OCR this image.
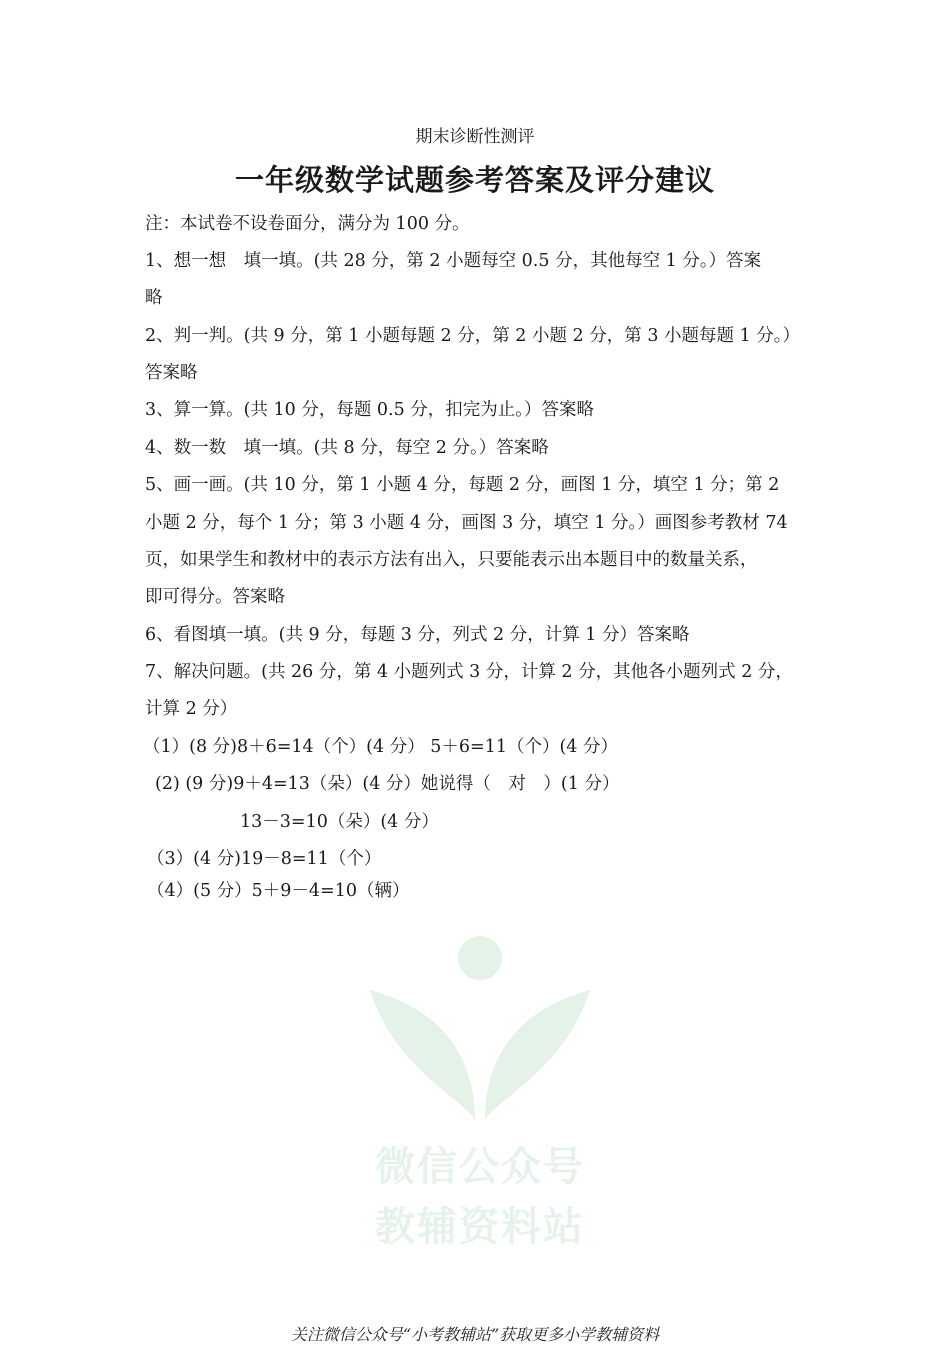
期末诊断性测评
一年级数学试题参考答案及评分建议
注：本试卷不设卷面分，满分为 100 分。
1、想一想　填一填。(共 28 分，第 2 小题每空 0.5 分，其他每空 1 分。）答案
略
2、判一判。(共 9 分，第 1 小题每题 2 分，第 2 小题 2 分，第 3 小题每题 1 分。）
答案略
3、算一算。(共 10 分，每题 0.5 分，扣完为止。）答案略
4、数一数　填一填。(共 8 分，每空 2 分。）答案略
5、画一画。(共 10 分，第 1 小题 4 分，每题 2 分，画图 1 分，填空 1 分；第 2
小题 2 分，每个 1 分；第 3 小题 4 分，画图 3 分，填空 1 分。）画图参考教材 74
页，如果学生和教材中的表示方法有出入，只要能表示出本题目中的数量关系，
即可得分。答案略
6、看图填一填。(共 9 分，每题 3 分，列式 2 分，计算 1 分）答案略
7、解决问题。(共 26 分，第 4 小题列式 3 分，计算 2 分，其他各小题列式 2 分，
计算 2 分）
（1）(8 分)8＋6=14（个）(4 分） 5＋6=11（个）(4 分）
(2) (9 分)9＋4=13（朵）(4 分）她说得（　对　）(1 分）
13－3=10（朵）(4 分）
（3）(4 分)19－8=11（个）
（4）(5 分）5＋9－4=10（辆）
微信公众号
教辅资料站
关注微信公众号“小考教辅站”获取更多小学教辅资料
